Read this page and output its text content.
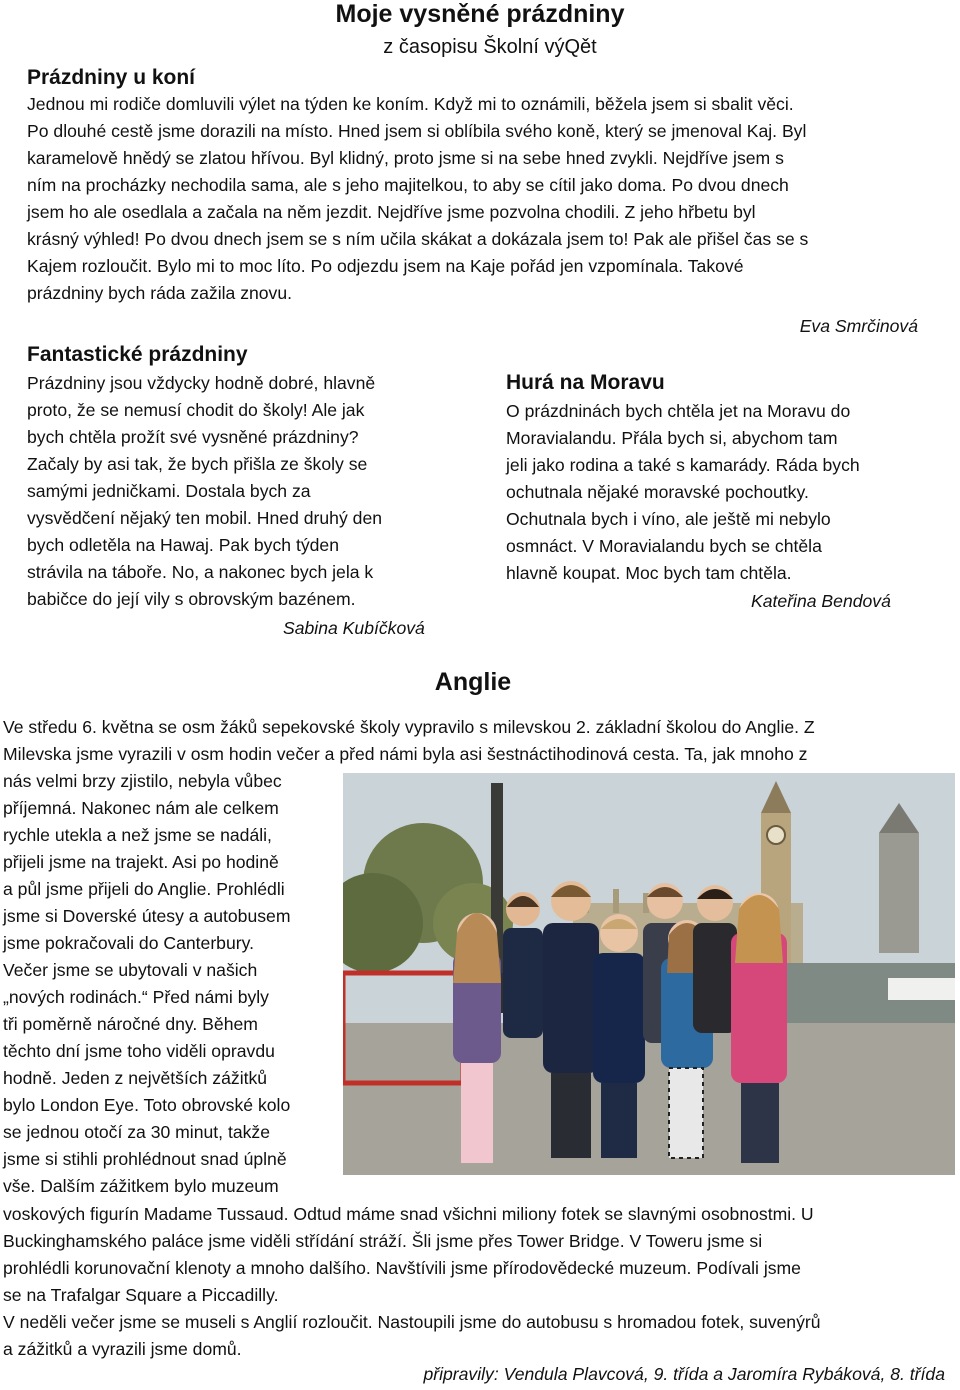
Moje vysněné prázdniny
z časopisu Školní výQět
Prázdniny u koní
Jednou mi rodiče domluvili výlet na týden ke koním. Když mi to oznámili, běžela jsem si sbalit věci.
Po dlouhé cestě jsme dorazili na místo. Hned jsem si oblíbila svého koně, který se jmenoval Kaj. Byl
karamelově hnědý se zlatou hřívou. Byl klidný, proto jsme si na sebe hned zvykli. Nejdříve jsem s
ním na procházky nechodila sama, ale s jeho majitelkou, to aby se cítil jako doma. Po dvou dnech
jsem ho ale osedlala a začala na něm jezdit. Nejdříve jsme pozvolna chodili. Z jeho hřbetu byl
krásný výhled! Po dvou dnech jsem se s ním učila skákat a dokázala jsem to! Pak ale přišel čas se s
Kajem rozloučit. Bylo mi to moc líto. Po odjezdu jsem na Kaje pořád jen vzpomínala. Takové
prázdniny bych ráda zažila znovu.
Eva Smrčinová
Fantastické prázdniny
Prázdniny jsou vždycky hodně dobré, hlavně
proto, že se nemusí chodit do školy! Ale jak
bych chtěla prožít své vysněné prázdniny?
Začaly by asi tak, že bych přišla ze školy se
samými jedničkami. Dostala bych za
vysvědčení nějaký ten mobil. Hned druhý den
bych odletěla na Hawaj. Pak bych týden
strávila na táboře. No, a nakonec bych jela k
babičce do její vily s obrovským bazénem.
Sabina Kubíčková
Hurá na Moravu
O prázdninách bych chtěla jet na Moravu do
Moravialandu. Přála bych si, abychom tam
jeli jako rodina a také s kamarády. Ráda bych
ochutnala nějaké moravské pochoutky.
Ochutnala bych i víno, ale ještě mi nebylo
osmnáct. V Moravialandu bych se chtěla
hlavně koupat. Moc bych tam chtěla.
Kateřina Bendová
Anglie
Ve středu 6. května se osm žáků sepekovské školy vypravilo s milevskou 2. základní školou do Anglie. Z
Milevska jsme vyrazili v osm hodin večer a před námi byla asi šestnáctihodinová cesta. Ta, jak mnoho z
nás velmi brzy zjistilo, nebyla vůbec
příjemná. Nakonec nám ale celkem
rychle utekla a než jsme se nadáli,
přijeli jsme na trajekt. Asi po hodině
a půl jsme přijeli do Anglie. Prohlédli
jsme si Doverské útesy a autobusem
jsme pokračovali do Canterbury.
Večer jsme se ubytovali v našich
„nových rodinách.“ Před námi byly
tři poměrně náročné dny. Během
těchto dní jsme toho viděli opravdu
hodně. Jeden z největších zážitků
bylo London Eye. Toto obrovské kolo
se jednou otočí za 30 minut, takže
jsme si stihli prohlédnout snad úplně
vše. Dalším zážitkem bylo muzeum
voskových figurín Madame Tussaud. Odtud máme snad všichni miliony fotek se slavnými osobnostmi. U
Buckinghamského paláce jsme viděli střídání stráží. Šli jsme přes Tower Bridge. V Toweru jsme si
prohlédli korunovační klenoty a mnoho dalšího. Navštívili jsme přírodovědecké muzeum. Podívali jsme
se na Trafalgar Square a Piccadilly.
V neděli večer jsme se museli s Anglií rozloučit. Nastoupili jsme do autobusu s hromadou fotek, suvenýrů
a zážitků a vyrazili jsme domů.
připravily: Vendula Plavcová, 9. třída a Jaromíra Rybáková, 8. třída
